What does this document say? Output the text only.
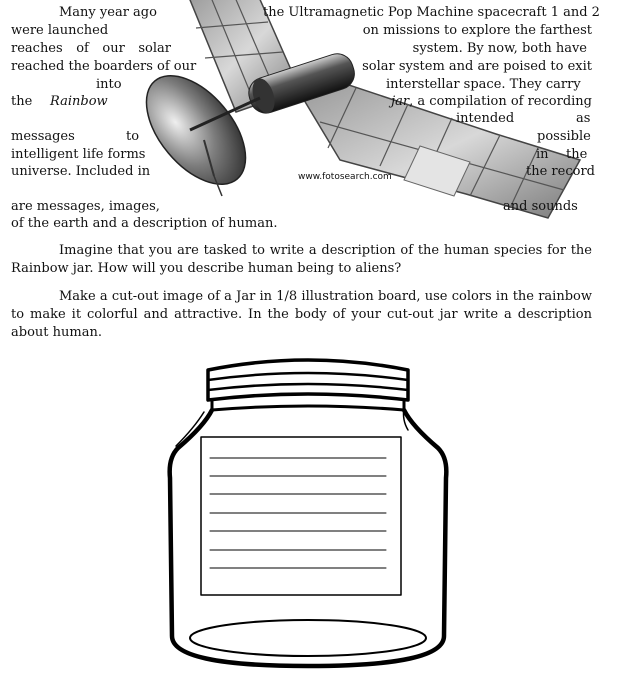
www.fotosearch.com
Many year ago	the Ultramagnetic Pop Machine spacecraft 1 and 2
were launched	on missions to explore the farthest
reaches of our solar	system. By now, both have
reached the boarders of our	solar system and are poised to exit
into	interstellar space. They carry
the Rainbow	jar, a compilation of recording
intended	as
messages	to	possible
intelligent life forms	in the
universe. Included in	the record
are messages, images,	and sounds
of the earth and a description of human.
Imagine that you are tasked to write a description of the human species for the Rainbow jar. How will you describe human being to aliens?
Make a cut-out image of a Jar in 1/8 illustration board, use colors in the rainbow to make it colorful and attractive. In the body of your cut-out jar write a description about human.
